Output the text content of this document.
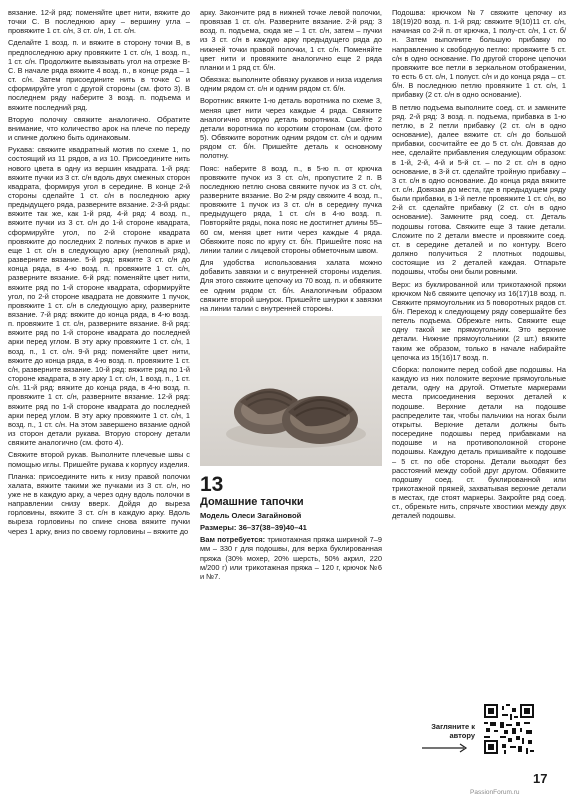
вязание. 12-й ряд: поменяйте цвет нити, вяжите до точки С. В последнюю арку – вершину угла – провяжите 1 ст. с/н, 3 ст. с/н, 1 ст. с/н.

Сделайте 1 возд. п. и вяжите в сторону точки В, в предпоследнюю арку провяжите 1 ст. с/н, 1 возд. п., 1 ст. с/н. Продолжите вывязывать угол на отрезке В-С. В начале ряда вяжите 4 возд. п., в конце ряда – 1 ст. с/н. Затем присоедините нить в точке С и сформируйте угол с другой стороны (см. фото 3). В последнем ряду наберите 3 возд. п. подъема и вяжите последний ряд.

Вторую полочку свяжите аналогично. Обратите внимание, что количество арок на плече по переду и спинке должно быть одинаковым.

Рукава: свяжите квадратный мотив по схеме 1, по состоящий из 11 рядов, а из 10. Присоедините нить нового цвета в одну из вершин квадрата. 1-й ряд: вяжите пучки из 3 ст. с/н вдоль двух смежных сторон квадрата, формируя угол в середине. В конце 2-й стороны сделайте 1 ст. с/н в последнюю арку предыдущего ряда, разверните вязание. 2-3-й ряды: вяжите так же, как 1-й ряд. 4-й ряд: 4 возд. п., вяжите пучки из 3 ст. с/н до 1-й стороне квадрата, сформируйте угол, по 2-й стороне квадрата провяжите до последних 2 полных пучков в арке и еще 1 ст. с/н в следующую арку (неполный ряд), разверните вязание. 5-й ряд: вяжите 3 ст. с/н до конца ряда, в 4-ю возд. п. провяжите 1 ст. с/н, разверните вязание. 6-й ряд: поменяйте цвет нити, вяжите ряд по 1-й стороне квадрата, сформируйте угол, по 2-й стороне квадрата не довяжите 1 пучок, провяжите 1 ст. с/н в следующую арку, разверните вязание. 7-й ряд: вяжите до конца ряда, в 4-ю возд. п. провяжите 1 ст. с/н, разверните вязание. 8-й ряд: вяжите ряд по 1-й стороне квадрата до последней арки перед углом. В эту арку провяжите 1 ст. с/н, 1 возд. п., 1 ст. с/н. 9-й ряд: поменяйте цвет нити, вяжите до конца ряда, в 4-ю возд. п. провяжите 1 ст. с/н, разверните вязание. 10-й ряд: вяжите ряд по 1-й стороне квадрата, в эту арку 1 ст. с/н, 1 возд. п., 1 ст. с/н. 11-й ряд: вяжите до конца ряда, в 4-ю возд. п. провяжите 1 ст. с/н, разверните вязание. 12-й ряд: вяжите ряд по 1-й стороне квадрата до последней арки перед углом. В эту арку провяжите 1 ст. с/н, 1 возд. п., 1 ст. с/н. На этом завершено вязание одной из сторон детали рукава. Вторую сторону детали свяжите аналогично (см. фото 4).

Свяжите второй рукав. Выполните плечевые швы с помощью иглы. Пришейте рукава к корпусу изделия.

Планка: присоедините нить к низу правой полочки халата, вяжите такими же пучками из 3 ст. с/н, но уже не в каждую арку, а через одну вдоль полочки в направлении снизу вверх. Дойдя до выреза горловины, вяжите 3 ст. с/н в каждую арку. Вдоль выреза горловины по спине снова вяжите пучки через 1 арку, вниз по своему горловины – вяжите до

арку. Закончите ряд в нижней точке левой полочки, провязав 1 ст. с/н. Разверните вязание. 2-й ряд: 3 возд. п. подъема, сюда же – 1 ст. с/н, затем – пучки из 3 ст. с/н в каждую арку предыдущего ряда до нижней точки правой полочки, 1 ст. с/н. Поменяйте цвет нити и провяжите аналогично еще 2 ряда планки и 1 ряд ст. б/н.

Обвязка: выполните обвязку рукавов и низа изделия одним рядом ст. с/н и одним рядом ст. б/н.

Воротник: вяжите 1-ю деталь воротника по схеме 3, меняя цвет нити через каждые 4 ряда. Свяжите аналогично вторую деталь воротника. Сшейте 2 детали воротника по коротким сторонам (см. фото 5). Обвяжите воротник одним рядом ст. с/н и одним рядом ст. б/н. Пришейте деталь к основному полотну.

Пояс: наберите 8 возд. п., в 5-ю п. от крючка провяжите пучок из 3 ст. с/н, пропустите 2 п. В последнюю петлю снова свяжите пучок из 3 ст. с/н, разверните вязание. Во 2-м ряду свяжите 4 возд. п., провяжите 1 пучок из 3 ст. с/н в середину пучка предыдущего ряда, 1 ст. с/н в 4-ю возд. п. Повторяйте ряды, пока пояс не достигнет длины 55–60 см, меняя цвет нити через каждые 4 ряда. Обвяжите пояс по кругу ст. б/н. Пришейте пояс на линии талии с лицевой стороны обметочным швом.

Для удобства использования халата можно добавить завязки и с внутренней стороны изделия. Для этого свяжите цепочку из 70 возд. п. и обвяжите ее одним рядом ст. б/н. Аналогичным образом свяжите второй шнурок. Пришейте шнурки к завязки на линии талии с внутренней стороны.

13
Домашние тапочки
Модель Олеси Загайновой
Размеры: 36–37(38–39)40–41

Вам потребуется: трикотажная пряжа шириной 7–9 мм – 330 г для подошвы, для верха буклированная пряжа (30% мохер, 20% шерсть, 50% акрил, 220 м/200 г) или трикотажная пряжа – 120 г, крючок №6 и №7.

Подошва: крючком №7 свяжите цепочку из 18(19)20 возд. п. 1-й ряд: свяжите 9(10)11 ст. с/н, начиная со 2-й п. от крючка, 1 полу-ст. с/н, 1 ст. б/н. Затем выполните большую прибавку по направлению к свободную петлю: провяжите 5 ст. с/н в одно основание. По другой стороне цепочки провяжите все петли в зеркальном отображении, то есть 6 ст. с/н, 1 полуст. с/н и до конца ряда – ст. б/н. В последнюю петлю провяжите 1 ст. с/н, 1 прибавку (2 ст. с/н в одно основание).

В петлю подъема выполните соед. ст. и замкните ряд. 2-й ряд: 3 возд. п. подъема, прибавка в 1-ю петлю, в 2 петли прибавку (2 ст. с/н в одно основание), далее вяжите ст. с/н до большой прибавки, сосчитайте ее до 5 ст. с/н. Довязав до нее, сделайте прибавления следующим образом: в 1-й, 2-й, 4-й и 5-й ст. – по 2 ст. с/н в одно основание, в 3-й ст. сделайте тройную прибавку – 3 ст. с/н в одно основание. До конца ряда вяжите ст. с/н. Довязав до места, где в предыдущем ряду были прибавки, в 1-й петле провяжите 1 ст. с/н, во 2-й ст. сделайте прибавку (2 ст. с/н в одно основание). Замкните ряд соед. ст. Деталь подошвы готова. Свяжите еще 3 такие детали. Сложите по 2 детали вместе и провяжите соед. ст. в середине деталей и по контуру. Всего должно получиться 2 плотных подошвы, состоящие из 2 деталей каждая. Отпарьте подошвы, чтобы они были ровными.

Верх: из буклированной или трикотажной пряжи крючком №6 свяжите цепочку из 16(17)18 возд. п. Свяжите прямоугольник из 5 поворотных рядов ст. б/н. Переход к следующему ряду совершайте без петель подъема. Обрежьте нить. Свяжите еще одну такой же прямоугольник. Это верхние детали. Нижние прямоугольники (2 шт.) вяжите таким же образом, только в начале набирайте цепочка из 15(16)17 возд. п.

Сборка: положите перед собой две подошвы. На каждую из них положите верхние прямоугольные детали, одну на другой. Отметьте маркерами места присоединения верхних деталей к подошве. Верхние детали на подошве распределите так, чтобы пальчики на ногах были открыты. Верхние детали должны быть посередине подошвы перед прибавками на подошве и на противоположной стороне подошвы. Каждую деталь пришивайте к подошве – 5 ст. по обе стороны. Детали выходят без расстояний между собой друг другом. Обвяжите подошву соед. ст. буклированной или трикотажной пряжей, захватывая верхние детали в местах, где стоят маркеры. Закройте ряд соед. ст., обрежьте нить, спрячьте хвостики между двух деталей подошвы.

Загляните к автору
17
PassionForum.ru
